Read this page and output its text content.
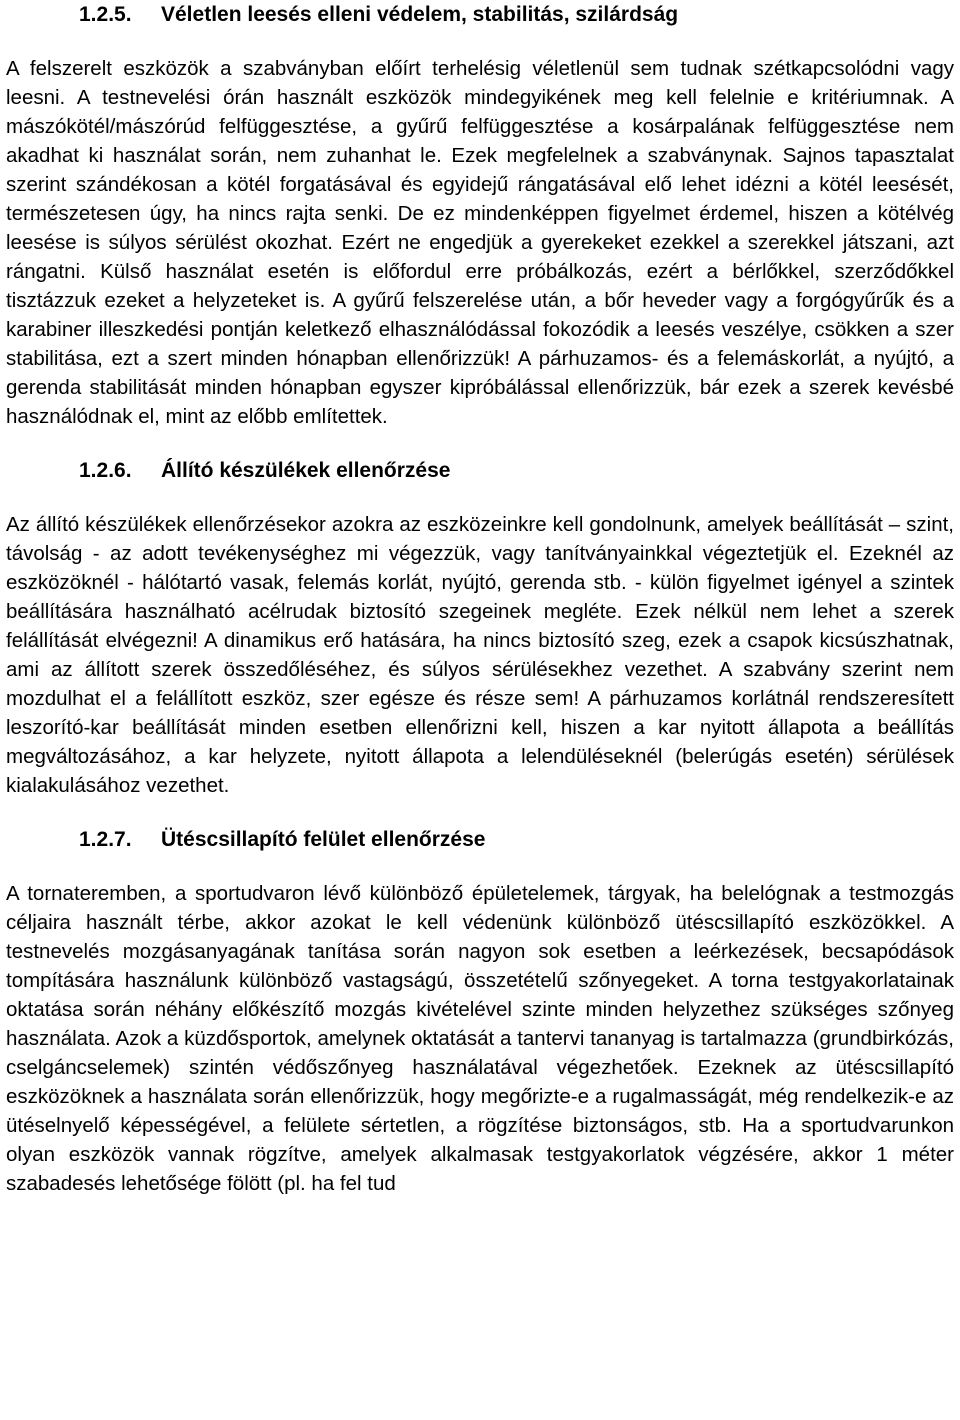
1.2.5. Véletlen leesés elleni védelem, stabilitás, szilárdság

A felszerelt eszközök a szabványban előírt terhelésig véletlenül sem tudnak szétkapcsolódni vagy leesni. A testnevelési órán használt eszközök mindegyikének meg kell felelnie e kritériumnak. A mászókötél/mászórúd felfüggesztése, a gyűrű felfüggesztése a kosárpalának felfüggesztése nem akadhat ki használat során, nem zuhanhat le. Ezek megfelelnek a szabványnak. Sajnos tapasztalat szerint szándékosan a kötél forgatásával és egyidejű rángatásával elő lehet idézni a kötél leesését, természetesen úgy, ha nincs rajta senki. De ez mindenképpen figyelmet érdemel, hiszen a kötélvég leesése is súlyos sérülést okozhat. Ezért ne engedjük a gyerekeket ezekkel a szerekkel játszani, azt rángatni. Külső használat esetén is előfordul erre próbálkozás, ezért a bérlőkkel, szerződőkkel tisztázzuk ezeket a helyzeteket is. A gyűrű felszerelése után, a bőr heveder vagy a forgógyűrűk és a karabiner illeszkedési pontján keletkező elhasználódással fokozódik a leesés veszélye, csökken a szer stabilitása, ezt a szert minden hónapban ellenőrizzük! A párhuzamos- és a felemáskorlát, a nyújtó, a gerenda stabilitását minden hónapban egyszer kipróbálással ellenőrizzük, bár ezek a szerek kevésbé használódnak el, mint az előbb említettek.

1.2.6. Állító készülékek ellenőrzése

Az állító készülékek ellenőrzésekor azokra az eszközeinkre kell gondolnunk, amelyek beállítását – szint, távolság - az adott tevékenységhez mi végezzük, vagy tanítványainkkal végeztetjük el. Ezeknél az eszközöknél - hálótartó vasak, felemás korlát, nyújtó, gerenda stb. - külön figyelmet igényel a szintek beállítására használható acélrudak biztosító szegeinek megléte. Ezek nélkül nem lehet a szerek felállítását elvégezni! A dinamikus erő hatására, ha nincs biztosító szeg, ezek a csapok kicsúszhatnak, ami az állított szerek összedőléséhez, és súlyos sérülésekhez vezethet. A szabvány szerint nem mozdulhat el a felállított eszköz, szer egésze és része sem! A párhuzamos korlátnál rendszeresített leszorító-kar beállítását minden esetben ellenőrizni kell, hiszen a kar nyitott állapota a beállítás megváltozásához, a kar helyzete, nyitott állapota a lelendüléseknél (belerúgás esetén) sérülések kialakulásához vezethet.

1.2.7. Ütéscsillapító felület ellenőrzése

A tornateremben, a sportudvaron lévő különböző épületelemek, tárgyak, ha belelógnak a testmozgás céljaira használt térbe, akkor azokat le kell védenünk különböző ütéscsillapító eszközökkel. A testnevelés mozgásanyagának tanítása során nagyon sok esetben a leérkezések, becsapódások tompítására használunk különböző vastagságú, összetételű szőnyegeket. A torna testgyakorlatainak oktatása során néhány előkészítő mozgás kivételével szinte minden helyzethez szükséges szőnyeg használata. Azok a küzdősportok, amelynek oktatását a tantervi tananyag is tartalmazza (grundbirkózás, cselgáncselemek) szintén védőszőnyeg használatával végezhetőek. Ezeknek az ütéscsillapító eszközöknek a használata során ellenőrizzük, hogy megőrizte-e a rugalmasságát, még rendelkezik-e az ütéselnyelő képességével, a felülete sértetlen, a rögzítése biztonságos, stb. Ha a sportudvarunkon olyan eszközök vannak rögzítve, amelyek alkalmasak testgyakorlatok végzésére, akkor 1 méter szabadesés lehetősége fölött (pl. ha fel tud
